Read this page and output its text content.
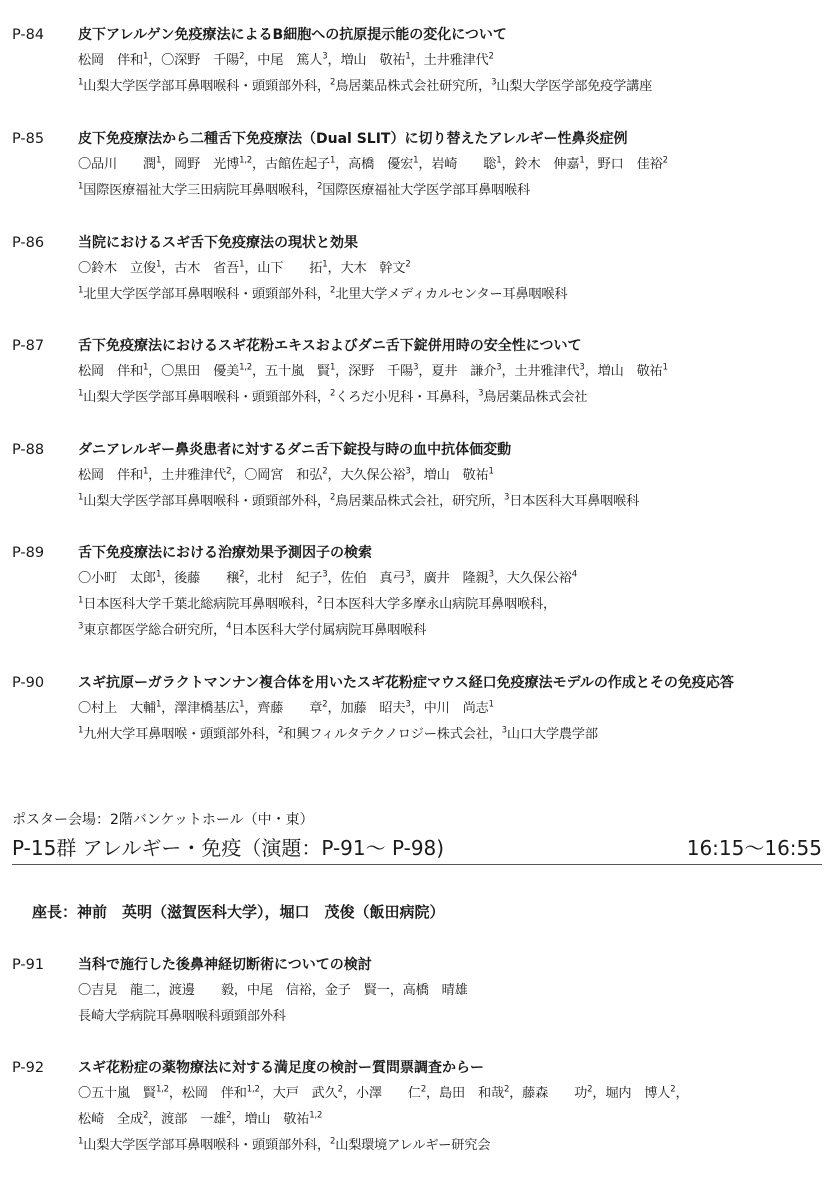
P-84 皮下アレルゲン免疫療法によるB細胞への抗原提示能の変化について
松岡　伴和$^1$，〇深野　千陽$^2$，中尾　篤人$^3$，増山　敬祐$^1$，土井雅津代$^2$
$^1$山梨大学医学部耳鼻咽喉科・頭頸部外科，$^2$鳥居薬品株式会社研究所，$^3$山梨大学医学部免疫学講座
P-85 皮下免疫療法から二種舌下免疫療法（Dual SLIT）に切り替えたアレルギー性鼻炎症例
〇品川　　潤$^1$，岡野　光博$^{1,2}$，古館佐起子$^1$，高橋　優宏$^1$，岩崎　　聡$^1$，鈴木　伸嘉$^1$，野口　佳裕$^2$
$^1$国際医療福祉大学三田病院耳鼻咽喉科，$^2$国際医療福祉大学医学部耳鼻咽喉科
P-86 当院におけるスギ舌下免疫療法の現状と効果
〇鈴木　立俊$^1$，古木　省吾$^1$，山下　　拓$^1$，大木　幹文$^2$
$^1$北里大学医学部耳鼻咽喉科・頭頸部外科，$^2$北里大学メディカルセンター耳鼻咽喉科
P-87 舌下免疫療法におけるスギ花粉エキスおよびダニ舌下錠併用時の安全性について
松岡　伴和$^1$，〇黒田　優美$^{1,2}$，五十嵐　賢$^1$，深野　千陽$^3$，夏井　謙介$^3$，土井雅津代$^3$，増山　敬祐$^1$
$^1$山梨大学医学部耳鼻咽喉科・頭頸部外科，$^2$くろだ小児科・耳鼻科，$^3$鳥居薬品株式会社
P-88 ダニアレルギー鼻炎患者に対するダニ舌下錠投与時の血中抗体価変動
松岡　伴和$^1$，土井雅津代$^2$，〇岡宮　和弘$^2$，大久保公裕$^3$，増山　敬祐$^1$
$^1$山梨大学医学部耳鼻咽喉科・頭頸部外科，$^2$鳥居薬品株式会社，研究所，$^3$日本医科大耳鼻咽喉科
P-89 舌下免疫療法における治療効果予測因子の検索
〇小町　太郎$^1$，後藤　　穣$^2$，北村　紀子$^3$，佐伯　真弓$^3$，廣井　隆親$^3$，大久保公裕$^4$
$^1$日本医科大学千葉北総病院耳鼻咽喉科，$^2$日本医科大学多摩永山病院耳鼻咽喉科，
$^3$東京都医学総合研究所，$^4$日本医科大学付属病院耳鼻咽喉科
P-90 スギ抗原ーガラクトマンナン複合体を用いたスギ花粉症マウス経口免疫療法モデルの作成とその免疫応答
〇村上　大輔$^1$，澤津橋基広$^1$，齊藤　　章$^2$，加藤　昭夫$^3$，中川　尚志$^1$
$^1$九州大学耳鼻咽喉・頭頸部外科，$^2$和興フィルタテクノロジー株式会社，$^3$山口大学農学部
ポスター会場：2階バンケットホール（中・東）
P-15群 アレルギー・免疫（演題：P-91〜 P-98)	16:15〜16:55
座長：神前　英明（滋賀医科大学），堀口　茂俊（飯田病院）
P-91 当科で施行した後鼻神経切断術についての検討
〇吉見　龍二，渡邊　　毅，中尾　信裕，金子　賢一，高橋　晴雄
長崎大学病院耳鼻咽喉科頭頸部外科
P-92 スギ花粉症の薬物療法に対する満足度の検討ー質問票調査からー
〇五十嵐　賢$^{1,2}$，松岡　伴和$^{1,2}$，大戸　武久$^2$，小澤　　仁$^2$，島田　和哉$^2$，藤森　　功$^2$，堀内　博人$^2$，
松崎　全成$^2$，渡部　一雄$^2$，増山　敬祐$^{1,2}$
$^1$山梨大学医学部耳鼻咽喉科・頭頸部外科，$^2$山梨環境アレルギー研究会
